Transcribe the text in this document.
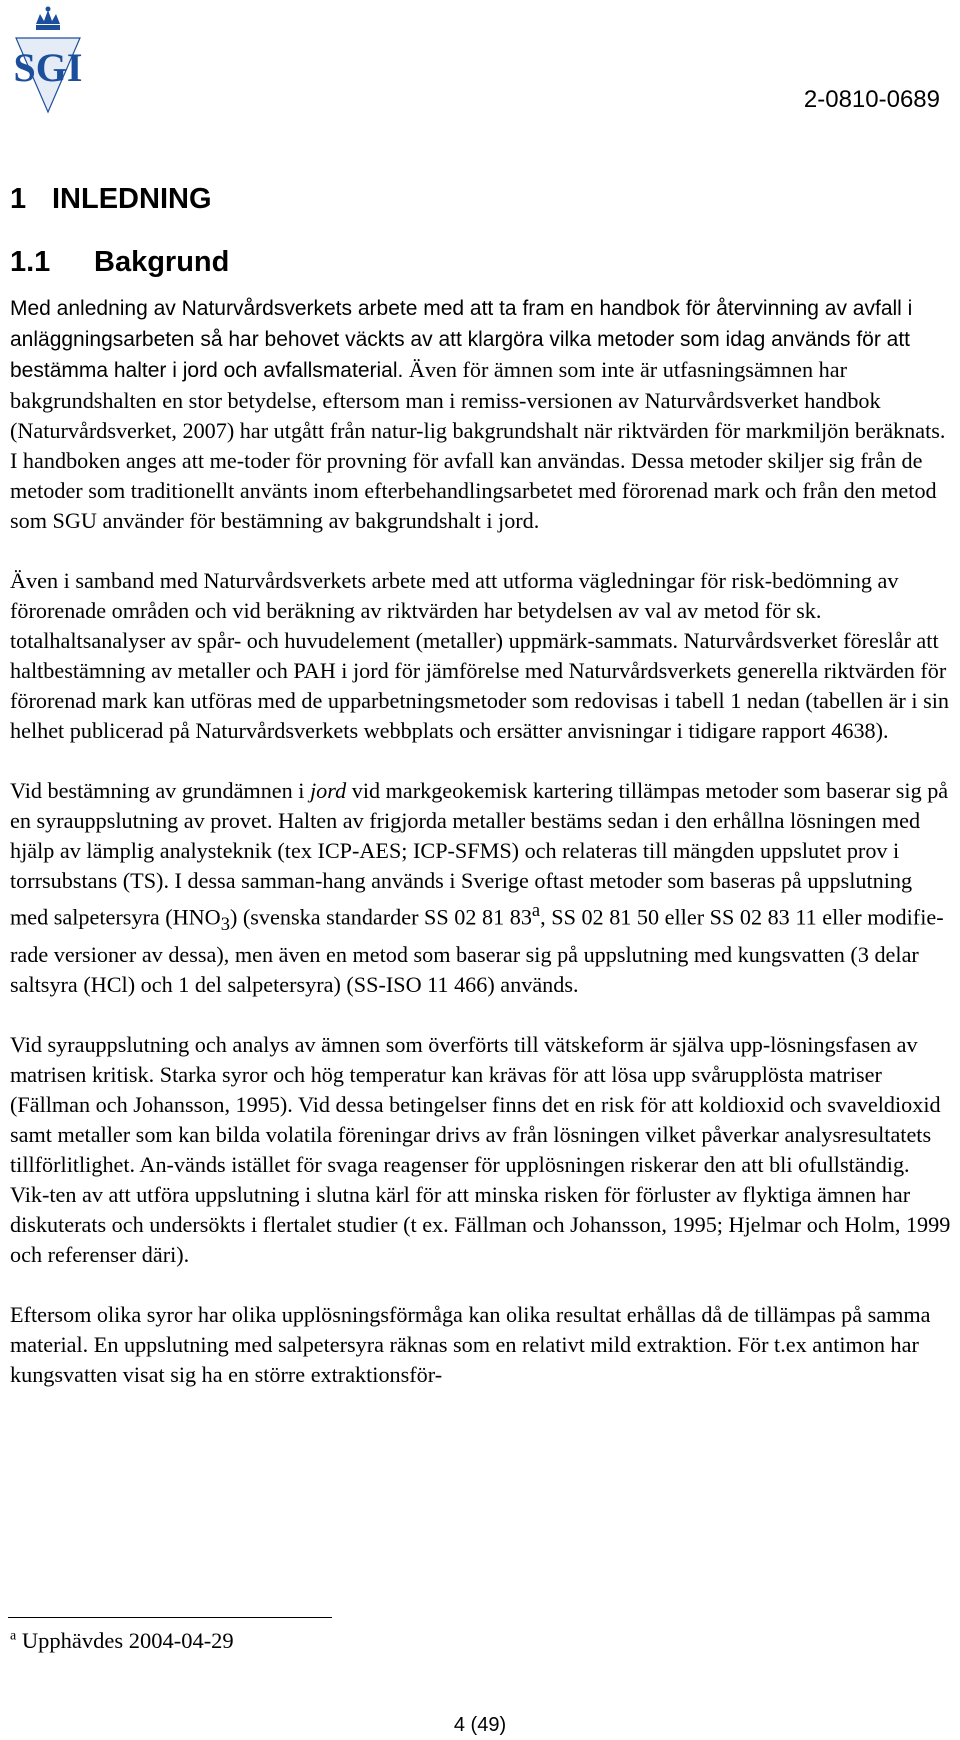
SGI
2-0810-0689
1 INLEDNING
1.1 Bakgrund

Med anledning av Naturvårdsverkets arbete med att ta fram en handbok för återvinning av avfall i anläggningsarbeten så har behovet väckts av att klargöra vilka metoder som idag används för att bestämma halter i jord och avfallsmaterial. Även för ämnen som inte är utfasningsämnen har bakgrundshalten en stor betydelse, eftersom man i remiss-versionen av Naturvårdsverket handbok (Naturvårdsverket, 2007) har utgått från natur-lig bakgrundshalt när riktvärden för markmiljön beräknats. I handboken anges att me-toder för provning för avfall kan användas. Dessa metoder skiljer sig från de metoder som traditionellt använts inom efterbehandlingsarbetet med förorenad mark och från den metod som SGU använder för bestämning av bakgrundshalt i jord.

Även i samband med Naturvårdsverkets arbete med att utforma vägledningar för risk-bedömning av förorenade områden och vid beräkning av riktvärden har betydelsen av val av metod för sk. totalhaltsanalyser av spår- och huvudelement (metaller) uppmärk-sammats. Naturvårdsverket föreslår att haltbestämning av metaller och PAH i jord för jämförelse med Naturvårdsverkets generella riktvärden för förorenad mark kan utföras med de upparbetningsmetoder som redovisas i tabell 1 nedan (tabellen är i sin helhet publicerad på Naturvårdsverkets webbplats och ersätter anvisningar i tidigare rapport 4638).

Vid bestämning av grundämnen i jord vid markgeokemisk kartering tillämpas metoder som baserar sig på en syrauppslutning av provet. Halten av frigjorda metaller bestäms sedan i den erhållna lösningen med hjälp av lämplig analysteknik (tex ICP-AES; ICP-SFMS) och relateras till mängden uppslutet prov i torrsubstans (TS). I dessa samman-hang används i Sverige oftast metoder som baseras på uppslutning med salpetersyra $(HNO_3)$ (svenska standarder SS 02 81 83$^a$, SS 02 81 50 eller SS 02 83 11 eller modifie-rade versioner av dessa), men även en metod som baserar sig på uppslutning med kungsvatten (3 delar saltsyra (HCl) och 1 del salpetersyra) (SS-ISO 11 466) används.

Vid syrauppslutning och analys av ämnen som överförts till vätskeform är själva upp-lösningsfasen av matrisen kritisk. Starka syror och hög temperatur kan krävas för att lösa upp svårupplösta matriser (Fällman och Johansson, 1995). Vid dessa betingelser finns det en risk för att koldioxid och svaveldioxid samt metaller som kan bilda volatila föreningar drivs av från lösningen vilket påverkar analysresultatets tillförlitlighet. An-vänds istället för svaga reagenser för upplösningen riskerar den att bli ofullständig. Vik-ten av att utföra uppslutning i slutna kärl för att minska risken för förluster av flyktiga ämnen har diskuterats och undersökts i flertalet studier (t ex. Fällman och Johansson, 1995; Hjelmar och Holm, 1999 och referenser däri).

Eftersom olika syror har olika upplösningsförmåga kan olika resultat erhållas då de tillämpas på samma material. En uppslutning med salpetersyra räknas som en relativt mild extraktion. För t.ex antimon har kungsvatten visat sig ha en större extraktionsför-

$^a$ Upphävdes 2004-04-29
4 (49)
